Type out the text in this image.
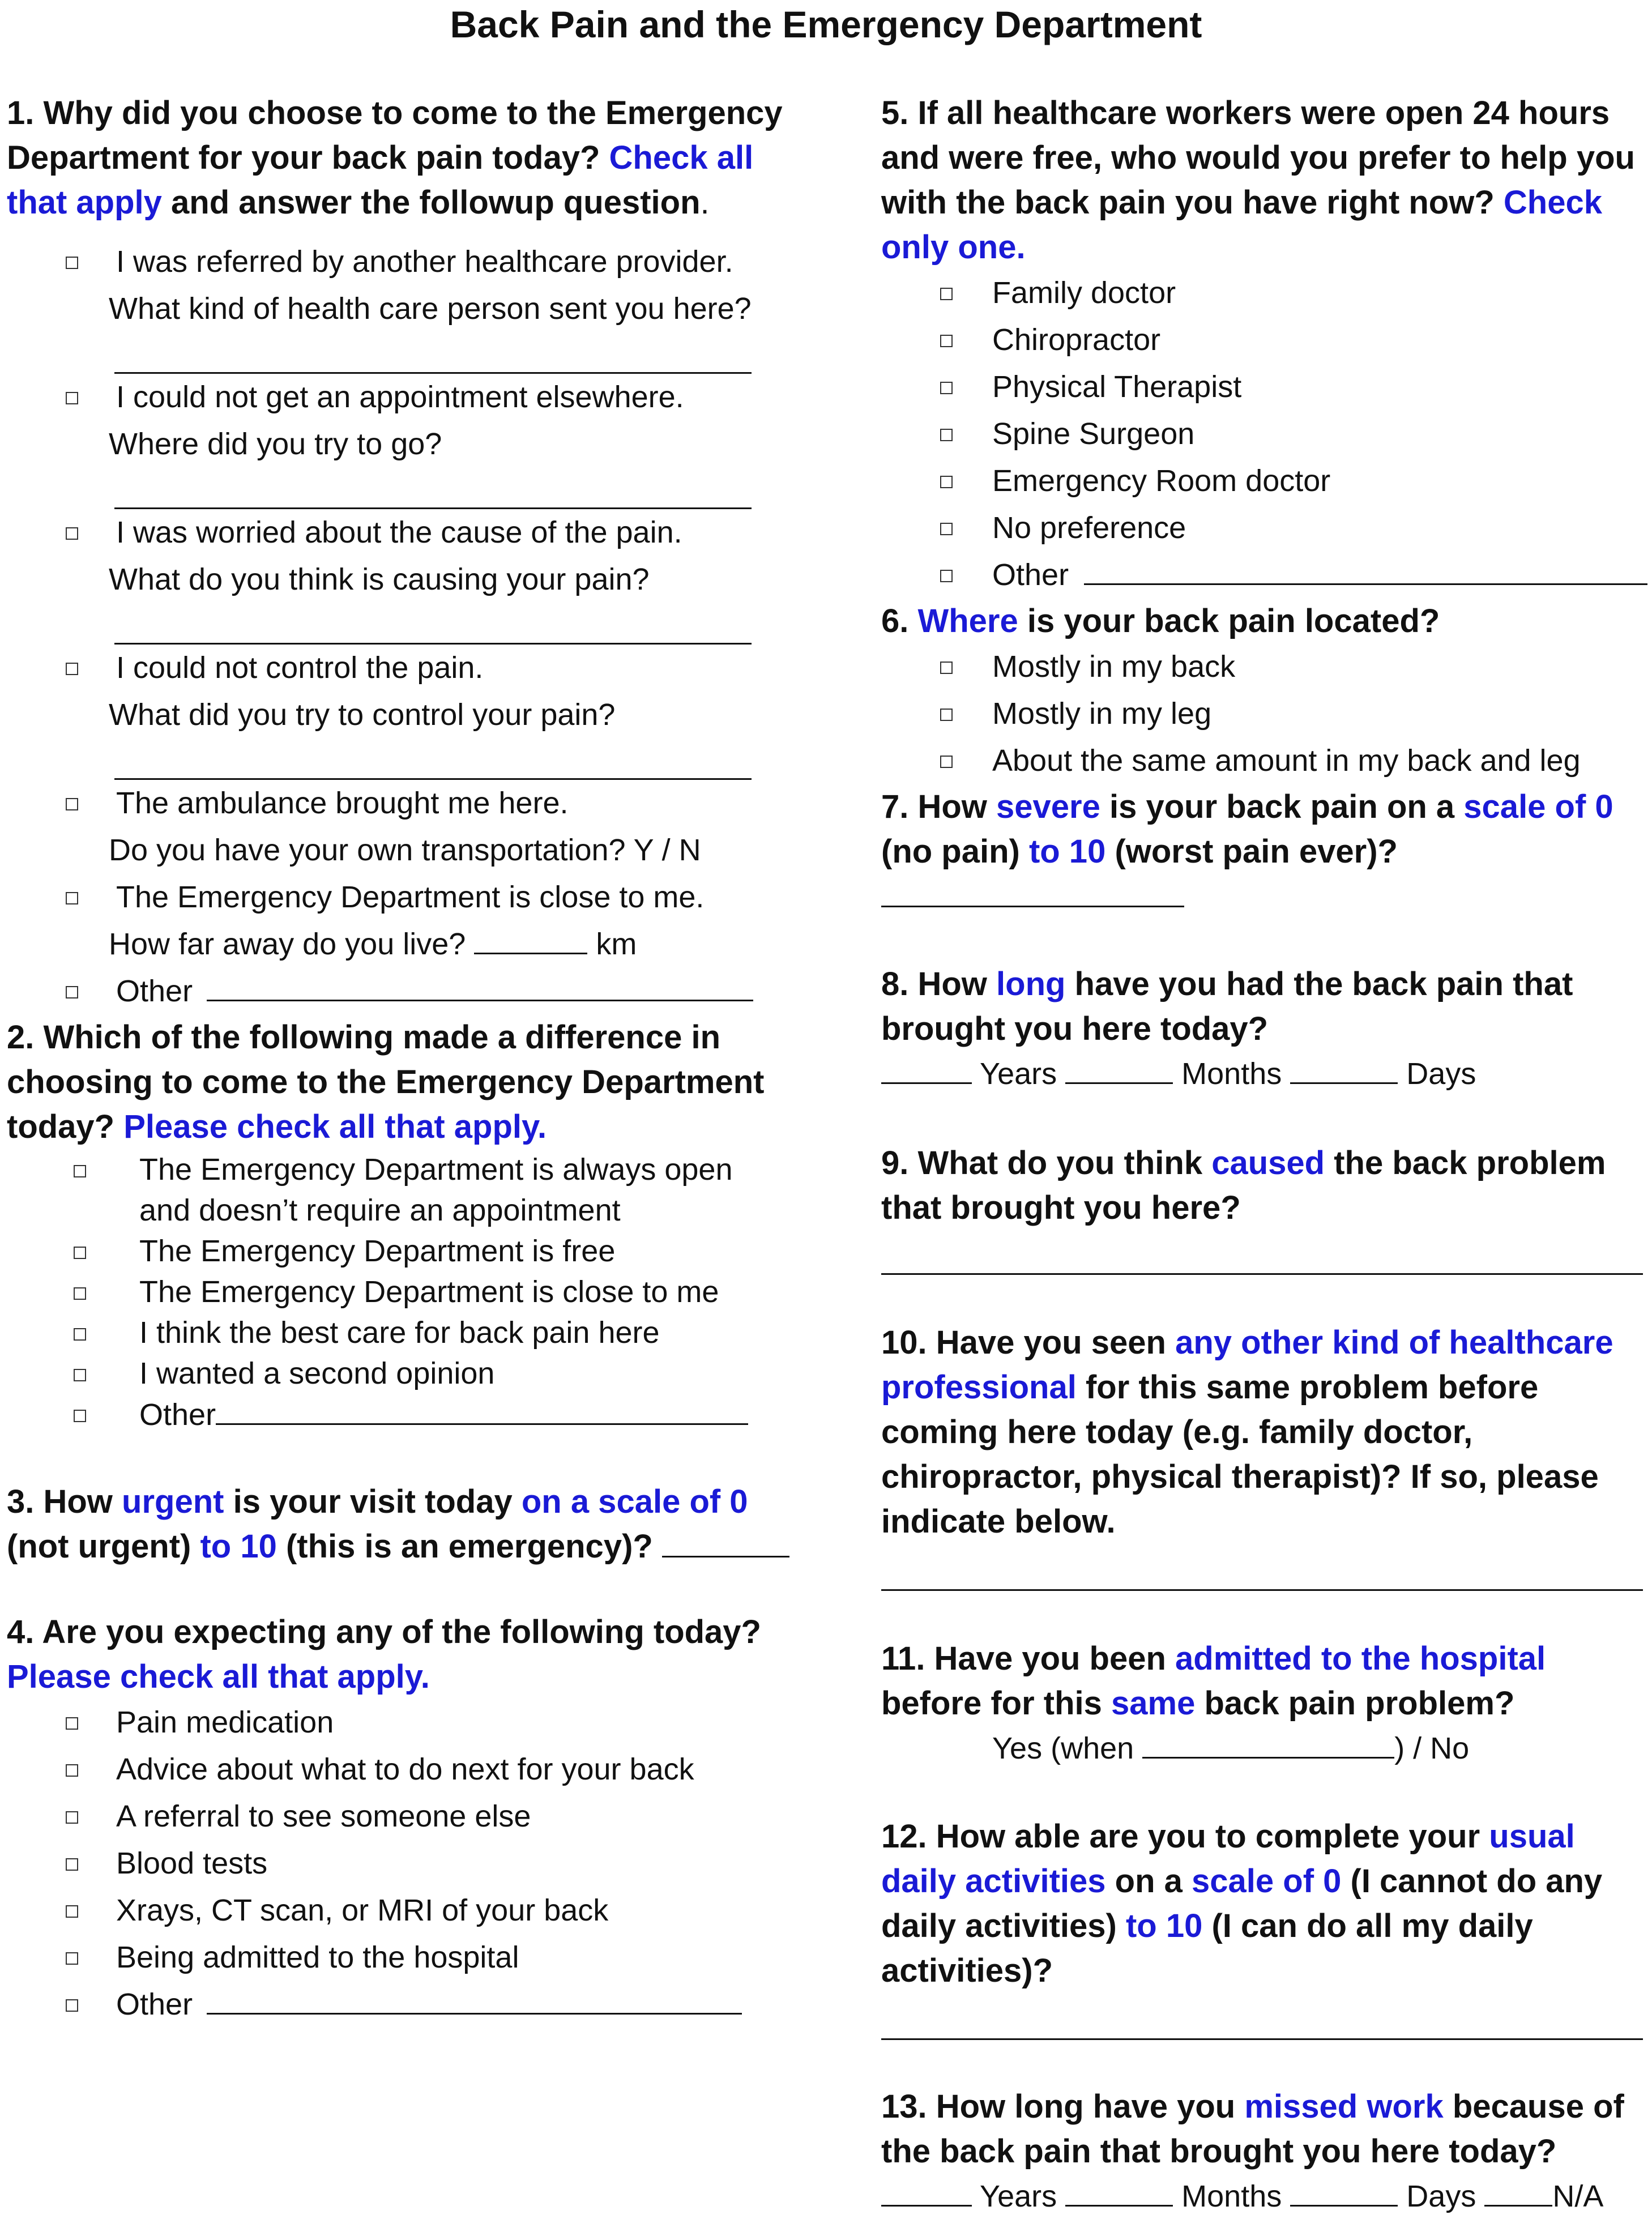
Back Pain and the Emergency Department
1. Why did you choose to come to the Emergency Department for your back pain today? Check all that apply and answer the followup question.
I was referred by another healthcare provider.
What kind of health care person sent you here?
I could not get an appointment elsewhere.
Where did you try to go?
I was worried about the cause of the pain.
What do you think is causing your pain?
I could not control the pain.
What did you try to control your pain?
The ambulance brought me here.
Do you have your own transportation? Y / N
The Emergency Department is close to me.
How far away do you live?	km
Other
2. Which of the following made a difference in choosing to come to the Emergency Department today? Please check all that apply.
The Emergency Department is always open
and doesn’t require an appointment
The Emergency Department is free
The Emergency Department is close to me
I think the best care for back pain here
I wanted a second opinion
Other
3. How urgent is your visit today on a scale of 0
(not urgent) to 10 (this is an emergency)?
4. Are you expecting any of the following today? Please check all that apply.
Pain medication
Advice about what to do next for your back
A referral to see someone else
Blood tests
Xrays, CT scan, or MRI of your back
Being admitted to the hospital
Other
5. If all healthcare workers were open 24 hours and were free, who would you prefer to help you with the back pain you have right now? Check only one.
Family doctor
Chiropractor
Physical Therapist
Spine Surgeon
Emergency Room doctor
No preference
Other
6. Where is your back pain located?
Mostly in my back
Mostly in my leg
About the same amount in my back and leg
7. How severe is your back pain on a scale of 0 (no pain) to 10 (worst pain ever)?
8. How long have you had the back pain that brought you here today?
Years	Months	Days
9. What do you think caused the back problem that brought you here?
10. Have you seen any other kind of healthcare professional for this same problem before coming here today (e.g. family doctor, chiropractor, physical therapist)? If so, please indicate below.
11. Have you been admitted to the hospital before for this same back pain problem?
Yes (when	) / No
12. How able are you to complete your usual daily activities on a scale of 0 (I cannot do any daily activities) to 10 (I can do all my daily activities)?
13. How long have you missed work because of the back pain that brought you here today?
Years	Months	Days	N/A
